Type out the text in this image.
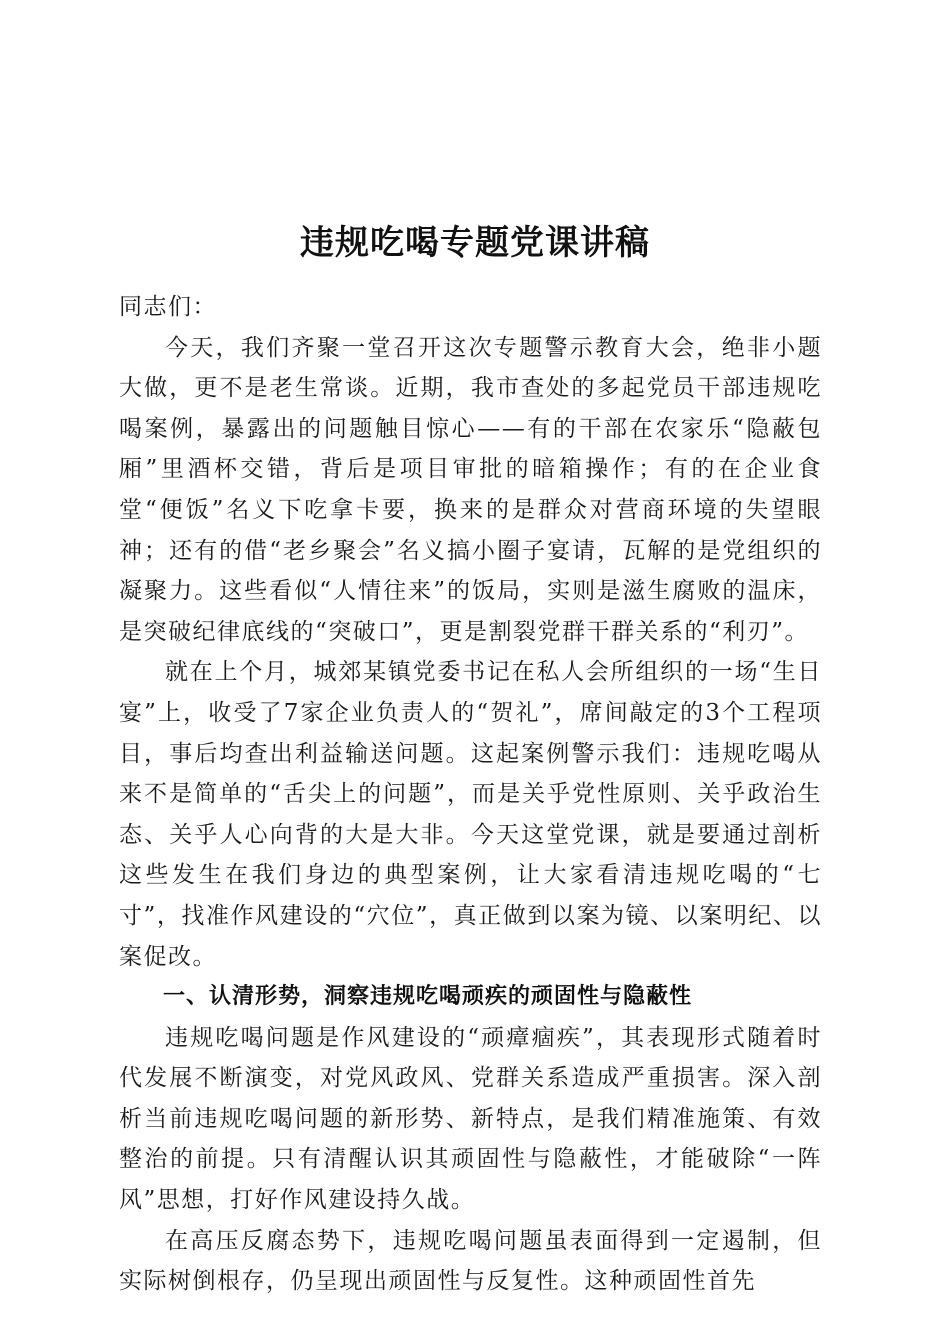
违规吃喝专题党课讲稿

同志们：

今天，我们齐聚一堂召开这次专题警示教育大会，绝非小题大做，更不是老生常谈。近期，我市查处的多起党员干部违规吃喝案例，暴露出的问题触目惊心——有的干部在农家乐“隐蔽包厢”里酒杯交错，背后是项目审批的暗箱操作；有的在企业食堂“便饭”名义下吃拿卡要，换来的是群众对营商环境的失望眼神；还有的借“老乡聚会”名义搞小圈子宴请，瓦解的是党组织的凝聚力。这些看似“人情往来”的饭局，实则是滋生腐败的温床，是突破纪律底线的“突破口”，更是割裂党群干群关系的“利刃”。

就在上个月，城郊某镇党委书记在私人会所组织的一场“生日宴”上，收受了7家企业负责人的“贺礼”，席间敲定的3个工程项目，事后均查出利益输送问题。这起案例警示我们：违规吃喝从来不是简单的“舌尖上的问题”，而是关乎党性原则、关乎政治生态、关乎人心向背的大是大非。今天这堂党课，就是要通过剖析这些发生在我们身边的典型案例，让大家看清违规吃喝的“七寸”，找准作风建设的“穴位”，真正做到以案为镜、以案明纪、以案促改。

一、认清形势，洞察违规吃喝顽疾的顽固性与隐蔽性

违规吃喝问题是作风建设的“顽瘴痼疾”，其表现形式随着时代发展不断演变，对党风政风、党群关系造成严重损害。深入剖析当前违规吃喝问题的新形势、新特点，是我们精准施策、有效整治的前提。只有清醒认识其顽固性与隐蔽性，才能破除“一阵风”思想，打好作风建设持久战。

在高压反腐态势下，违规吃喝问题虽表面得到一定遏制，但实际树倒根存，仍呈现出顽固性与反复性。这种顽固性首先
